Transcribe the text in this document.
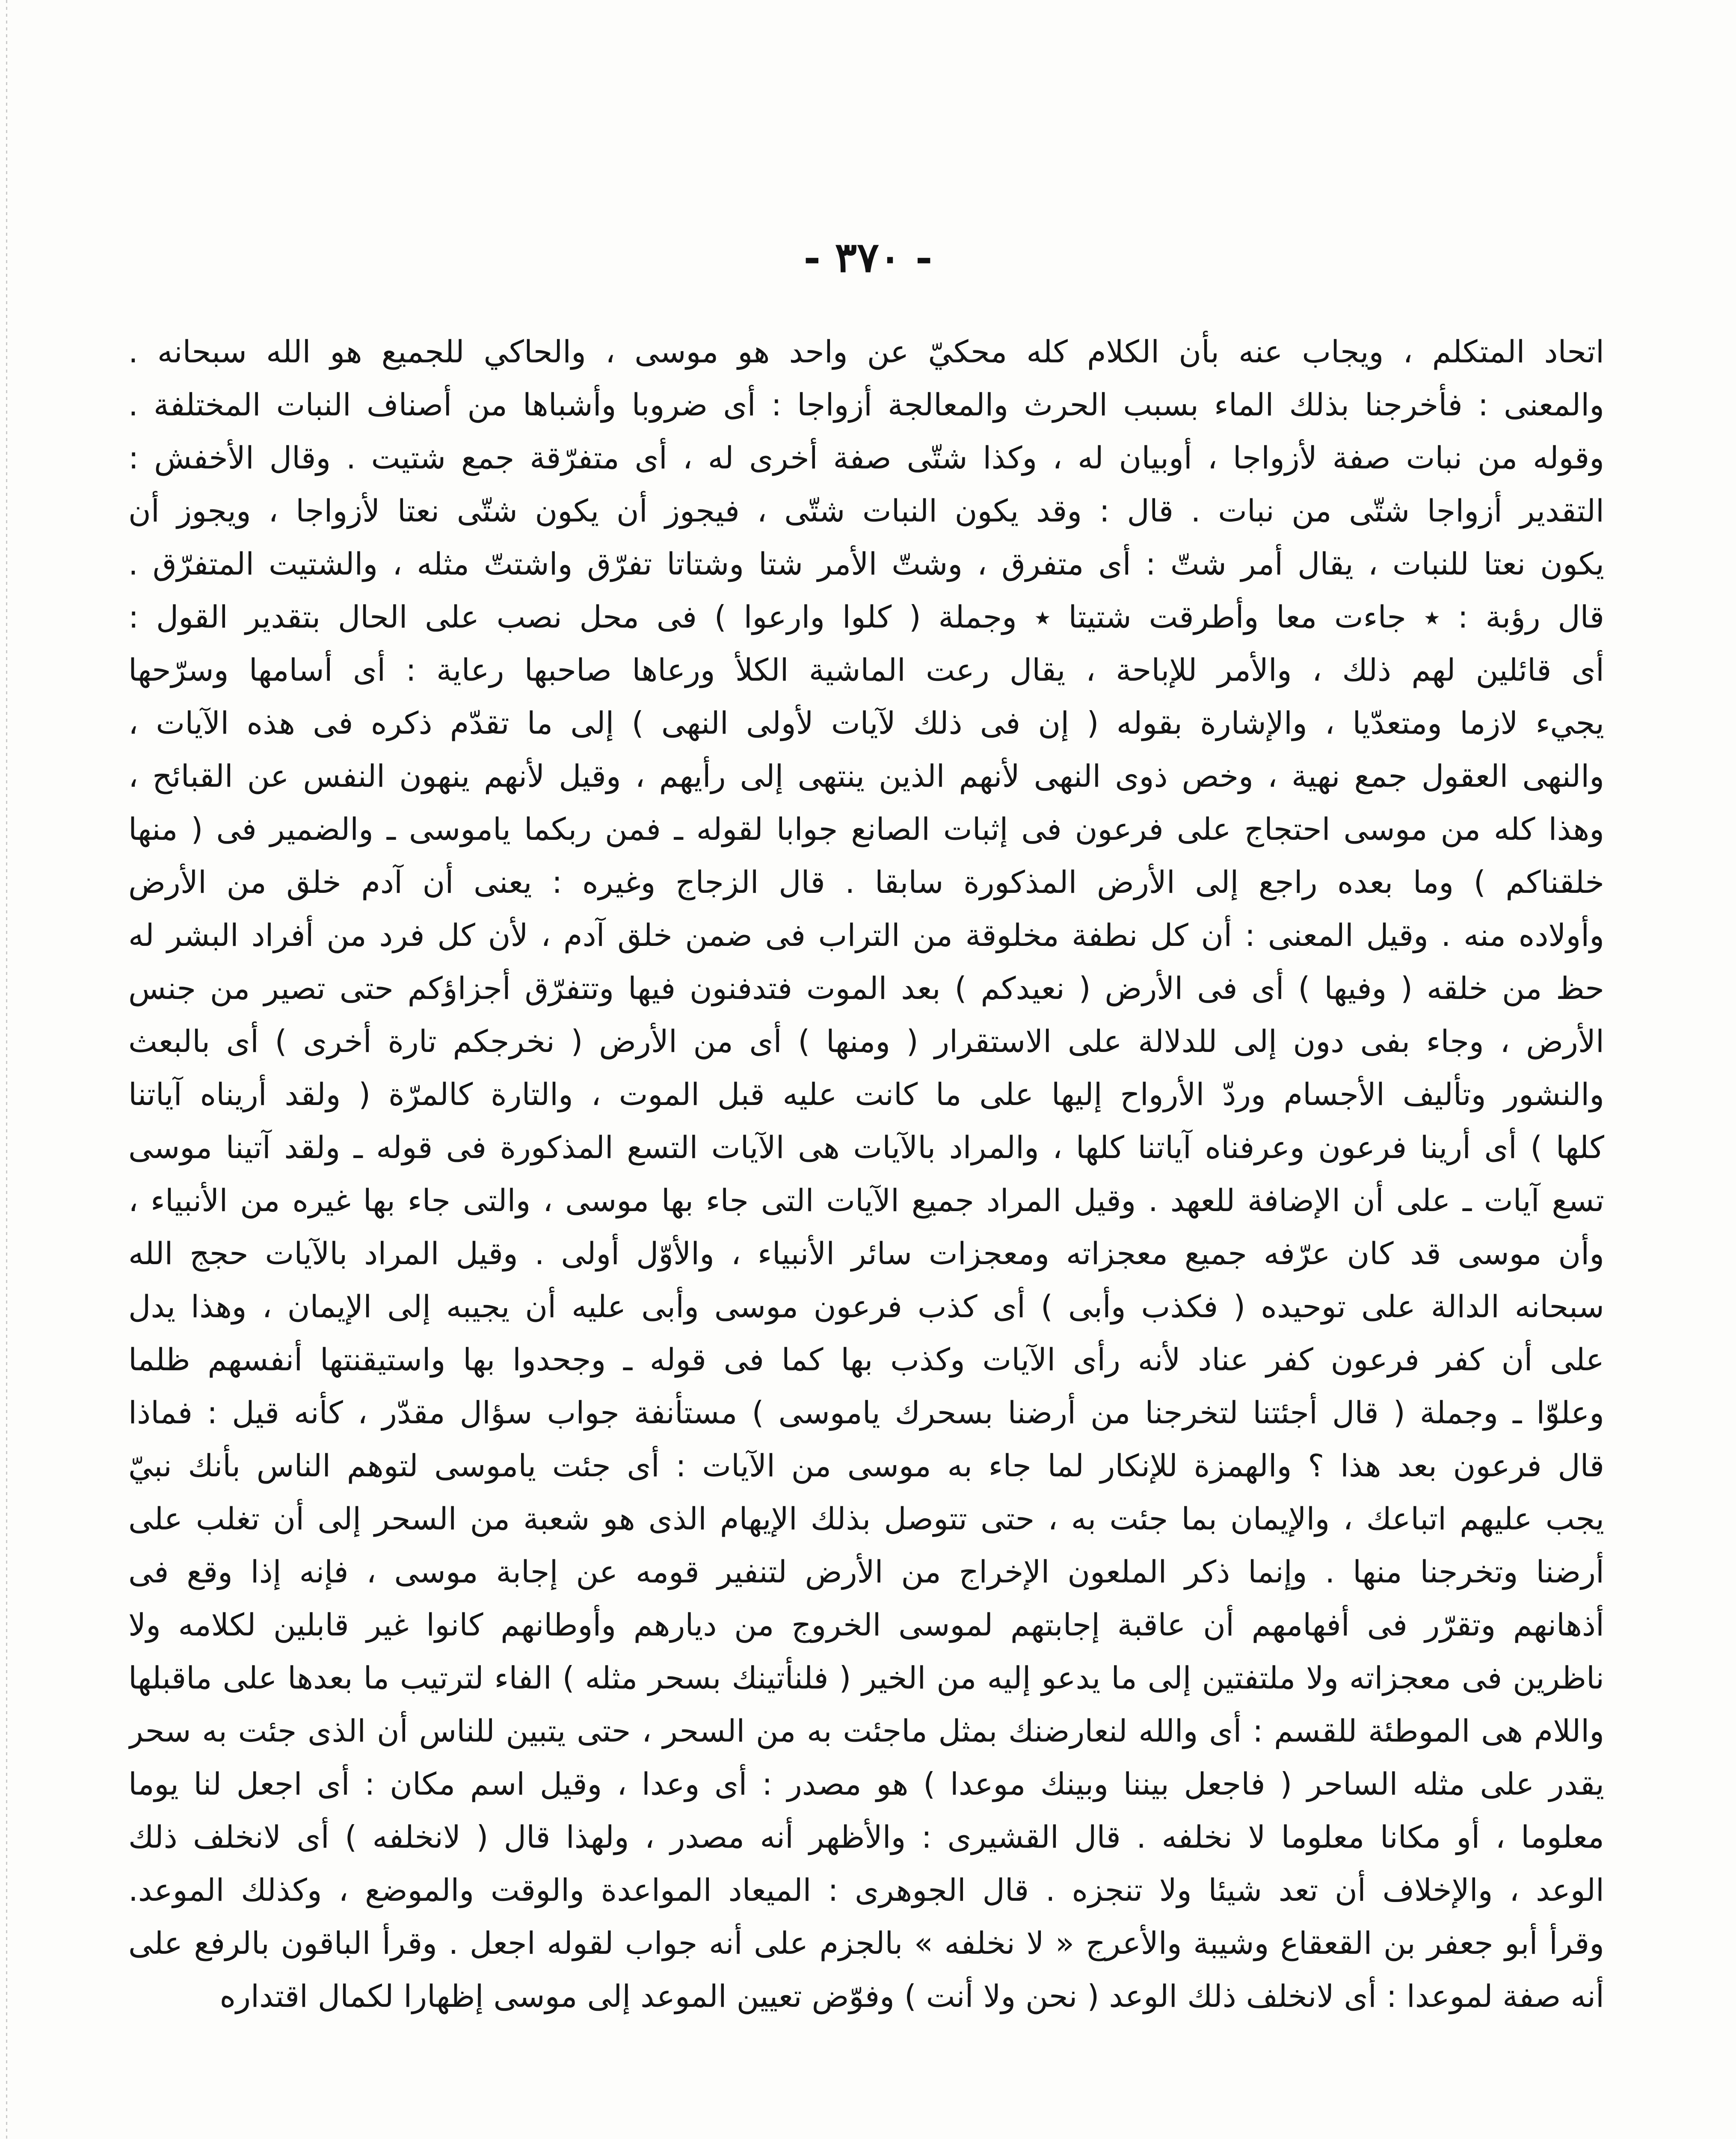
- ٣٧٠ -
اتحاد المتكلم ، ويجاب عنه بأن الكلام كله محكيّ عن واحد هو موسى ، والحاكي للجميع هو الله سبحانه .
والمعنى : فأخرجنا بذلك الماء بسبب الحرث والمعالجة أزواجا : أى ضروبا وأشباها من أصناف النبات المختلفة .
وقوله من نبات صفة لأزواجا ، أوبيان له ، وكذا شتّى صفة أخرى له ، أى متفرّقة جمع شتيت . وقال الأخفش :
التقدير أزواجا شتّى من نبات . قال : وقد يكون النبات شتّى ، فيجوز أن يكون شتّى نعتا لأزواجا ، ويجوز أن
يكون نعتا للنبات ، يقال أمر شتّ : أى متفرق ، وشتّ الأمر شتا وشتاتا تفرّق واشتتّ مثله ، والشتيت المتفرّق .
قال رؤبة : ٭ جاءت معا وأطرقت شتيتا ٭ وجملة ( كلوا وارعوا ) فى محل نصب على الحال بتقدير القول :
أى قائلين لهم ذلك ، والأمر للإباحة ، يقال رعت الماشية الكلأ ورعاها صاحبها رعاية : أى أسامها وسرّحها
يجيء لازما ومتعدّيا ، والإشارة بقوله ( إن فى ذلك لآيات لأولى النهى ) إلى ما تقدّم ذكره فى هذه الآيات ،
والنهى العقول جمع نهية ، وخص ذوى النهى لأنهم الذين ينتهى إلى رأيهم ، وقيل لأنهم ينهون النفس عن القبائح ،
وهذا كله من موسى احتجاج على فرعون فى إثبات الصانع جوابا لقوله ـ فمن ربكما ياموسى ـ والضمير فى ( منها
خلقناكم ) وما بعده راجع إلى الأرض المذكورة سابقا . قال الزجاج وغيره : يعنى أن آدم خلق من الأرض
وأولاده منه . وقيل المعنى : أن كل نطفة مخلوقة من التراب فى ضمن خلق آدم ، لأن كل فرد من أفراد البشر له
حظ من خلقه ( وفيها ) أى فى الأرض ( نعيدكم ) بعد الموت فتدفنون فيها وتتفرّق أجزاؤكم حتى تصير من جنس
الأرض ، وجاء بفى دون إلى للدلالة على الاستقرار ( ومنها ) أى من الأرض ( نخرجكم تارة أخرى ) أى بالبعث
والنشور وتأليف الأجسام وردّ الأرواح إليها على ما كانت عليه قبل الموت ، والتارة كالمرّة ( ولقد أريناه آياتنا
كلها ) أى أرينا فرعون وعرفناه آياتنا كلها ، والمراد بالآيات هى الآيات التسع المذكورة فى قوله ـ ولقد آتينا موسى
تسع آيات ـ على أن الإضافة للعهد . وقيل المراد جميع الآيات التى جاء بها موسى ، والتى جاء بها غيره من الأنبياء ،
وأن موسى قد كان عرّفه جميع معجزاته ومعجزات سائر الأنبياء ، والأوّل أولى . وقيل المراد بالآيات حجج الله
سبحانه الدالة على توحيده ( فكذب وأبى ) أى كذب فرعون موسى وأبى عليه أن يجيبه إلى الإيمان ، وهذا يدل
على أن كفر فرعون كفر عناد لأنه رأى الآيات وكذب بها كما فى قوله ـ وجحدوا بها واستيقنتها أنفسهم ظلما
وعلوّا ـ وجملة ( قال أجئتنا لتخرجنا من أرضنا بسحرك ياموسى ) مستأنفة جواب سؤال مقدّر ، كأنه قيل : فماذا
قال فرعون بعد هذا ؟ والهمزة للإنكار لما جاء به موسى من الآيات : أى جئت ياموسى لتوهم الناس بأنك نبيّ
يجب عليهم اتباعك ، والإيمان بما جئت به ، حتى تتوصل بذلك الإيهام الذى هو شعبة من السحر إلى أن تغلب على
أرضنا وتخرجنا منها . وإنما ذكر الملعون الإخراج من الأرض لتنفير قومه عن إجابة موسى ، فإنه إذا وقع فى
أذهانهم وتقرّر فى أفهامهم أن عاقبة إجابتهم لموسى الخروج من ديارهم وأوطانهم كانوا غير قابلين لكلامه ولا
ناظرين فى معجزاته ولا ملتفتين إلى ما يدعو إليه من الخير ( فلنأتينك بسحر مثله ) الفاء لترتيب ما بعدها على ماقبلها
واللام هى الموطئة للقسم : أى والله لنعارضنك بمثل ماجئت به من السحر ، حتى يتبين للناس أن الذى جئت به سحر
يقدر على مثله الساحر ( فاجعل بيننا وبينك موعدا ) هو مصدر : أى وعدا ، وقيل اسم مكان : أى اجعل لنا يوما
معلوما ، أو مكانا معلوما لا نخلفه . قال القشيرى : والأظهر أنه مصدر ، ولهذا قال ( لانخلفه ) أى لانخلف ذلك
الوعد ، والإخلاف أن تعد شيئا ولا تنجزه . قال الجوهرى : الميعاد المواعدة والوقت والموضع ، وكذلك الموعد.
وقرأ أبو جعفر بن القعقاع وشيبة والأعرج « لا نخلفه » بالجزم على أنه جواب لقوله اجعل . وقرأ الباقون بالرفع على
أنه صفة لموعدا : أى لانخلف ذلك الوعد ( نحن ولا أنت ) وفوّض تعيين الموعد إلى موسى إظهارا لكمال اقتداره
